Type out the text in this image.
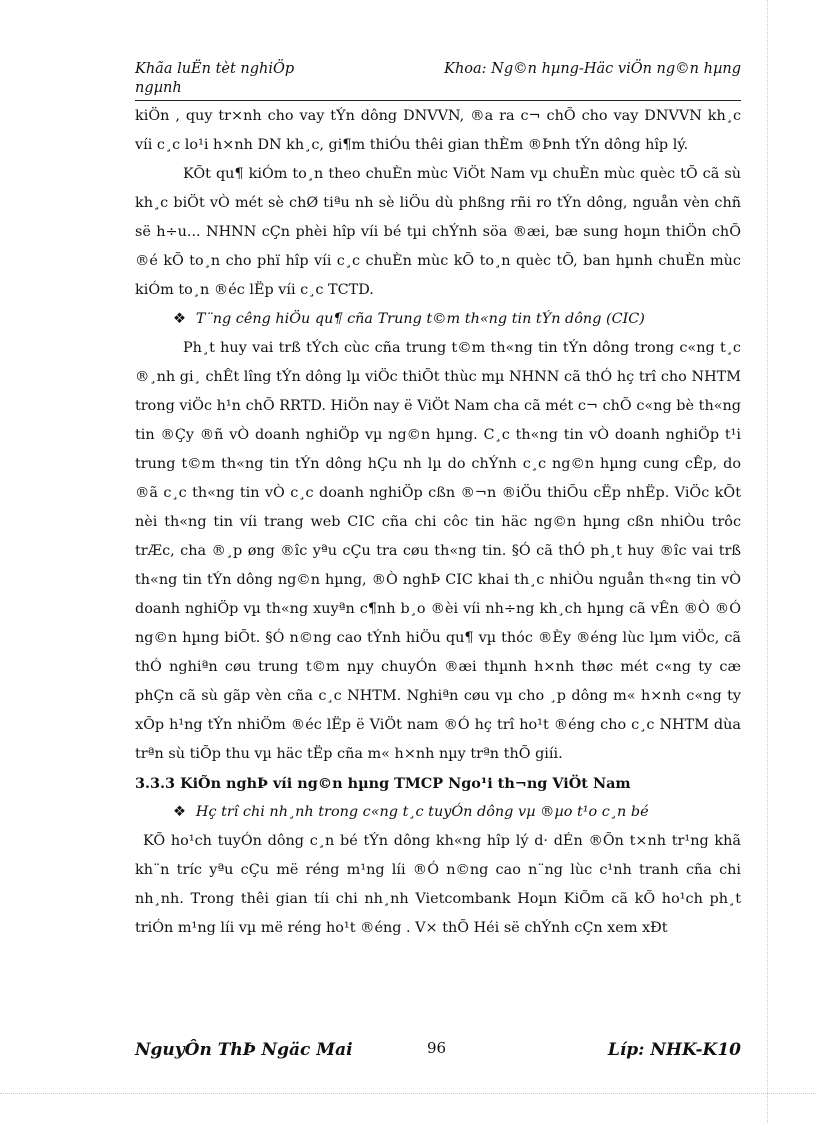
Khãa luËn tèt nghiÖp ngµnh
Khoa: Ng©n hµng-Häc viÖn ng©n hµng

kiÖn , quy tr×nh cho vay tÝn dông DNVVN, ®a ra c¬ chÕ cho vay DNVVN kh¸c víi c¸c lo¹i h×nh DN kh¸c, gi¶m thiÓu thêi gian thÈm ®Þnh tÝn dông hîp lý.

KÕt qu¶ kiÓm to¸n theo chuÈn mùc ViÖt Nam vµ chuÈn mùc quèc tÕ cã sù kh¸c biÖt vÒ mét sè chØ tiªu nh sè liÖu dù phßng rñi ro tÝn dông, nguån vèn chñ së h÷u... NHNN cÇn phèi hîp víi bé tµi chÝnh söa ®æi, bæ sung hoµn thiÖn chÕ ®é kÕ to¸n cho phï hîp víi c¸c chuÈn mùc kÕ to¸n quèc tÕ, ban hµnh chuÈn mùc kiÓm to¸n ®éc lËp víi c¸c TCTD.

❖ T¨ng cêng hiÖu qu¶ cña Trung t©m th«ng tin tÝn dông (CIC)

Ph¸t huy vai trß tÝch cùc cña trung t©m th«ng tin tÝn dông trong c«ng t¸c ®¸nh gi¸ chÊt lîng tÝn dông lµ viÖc thiÕt thùc mµ NHNN cã thÓ hç trî cho NHTM trong viÖc h¹n chÕ RRTD. HiÖn nay ë ViÖt Nam cha cã mét c¬ chÕ c«ng bè th«ng tin ®Çy ®ñ vÒ doanh nghiÖp vµ ng©n hµng. C¸c th«ng tin vÒ doanh nghiÖp t¹i trung t©m th«ng tin tÝn dông hÇu nh lµ do chÝnh c¸c ng©n hµng cung cÊp, do ®ã c¸c th«ng tin vÒ c¸c doanh nghiÖp cßn ®¬n ®iÖu thiÕu cËp nhËp. ViÖc kÕt nèi th«ng tin víi trang web CIC cña chi côc tin häc ng©n hµng cßn nhiÒu trôc trÆc, cha ®¸p øng ®îc yªu cÇu tra cøu th«ng tin. §Ó cã thÓ ph¸t huy ®îc vai trß th«ng tin tÝn dông ng©n hµng, ®Ò nghÞ CIC khai th¸c nhiÒu nguån th«ng tin vÒ doanh nghiÖp vµ th«ng xuyªn c¶nh b¸o ®èi víi nh÷ng kh¸ch hµng cã vÊn ®Ò ®Ó ng©n hµng biÕt. §Ó n©ng cao tÝnh hiÖu qu¶ vµ thóc ®Èy ®éng lùc lµm viÖc, cã thÓ nghiªn cøu trung t©m nµy chuyÓn ®æi thµnh h×nh thøc mét c«ng ty cæ phÇn cã sù gãp vèn cña c¸c NHTM. Nghiªn cøu vµ cho ¸p dông m« h×nh c«ng ty xÕp h¹ng tÝn nhiÖm ®éc lËp ë ViÖt nam ®Ó hç trî ho¹t ®éng cho c¸c NHTM dùa trªn sù tiÕp thu vµ häc tËp cña m« h×nh nµy trªn thÕ giíi.

3.3.3 KiÕn nghÞ víi ng©n hµng TMCP Ngo¹i th¬ng ViÖt Nam

❖ Hç trî chi nh¸nh trong c«ng t¸c tuyÓn dông vµ ®µo t¹o c¸n bé

KÕ ho¹ch tuyÓn dông c¸n bé tÝn dông kh«ng hîp lý d· dÉn ®Õn t×nh tr¹ng khã kh¨n tríc yªu cÇu më réng m¹ng líi ®Ó n©ng cao n¨ng lùc c¹nh tranh cña chi nh¸nh. Trong thêi gian tíi chi nh¸nh Vietcombank Hoµn KiÕm cã kÕ ho¹ch ph¸t triÓn m¹ng líi vµ më réng ho¹t ®éng . V× thÕ Héi së chÝnh cÇn xem xÐt

NguyÔn ThÞ Ngäc Mai	96	Líp: NHK-K10
